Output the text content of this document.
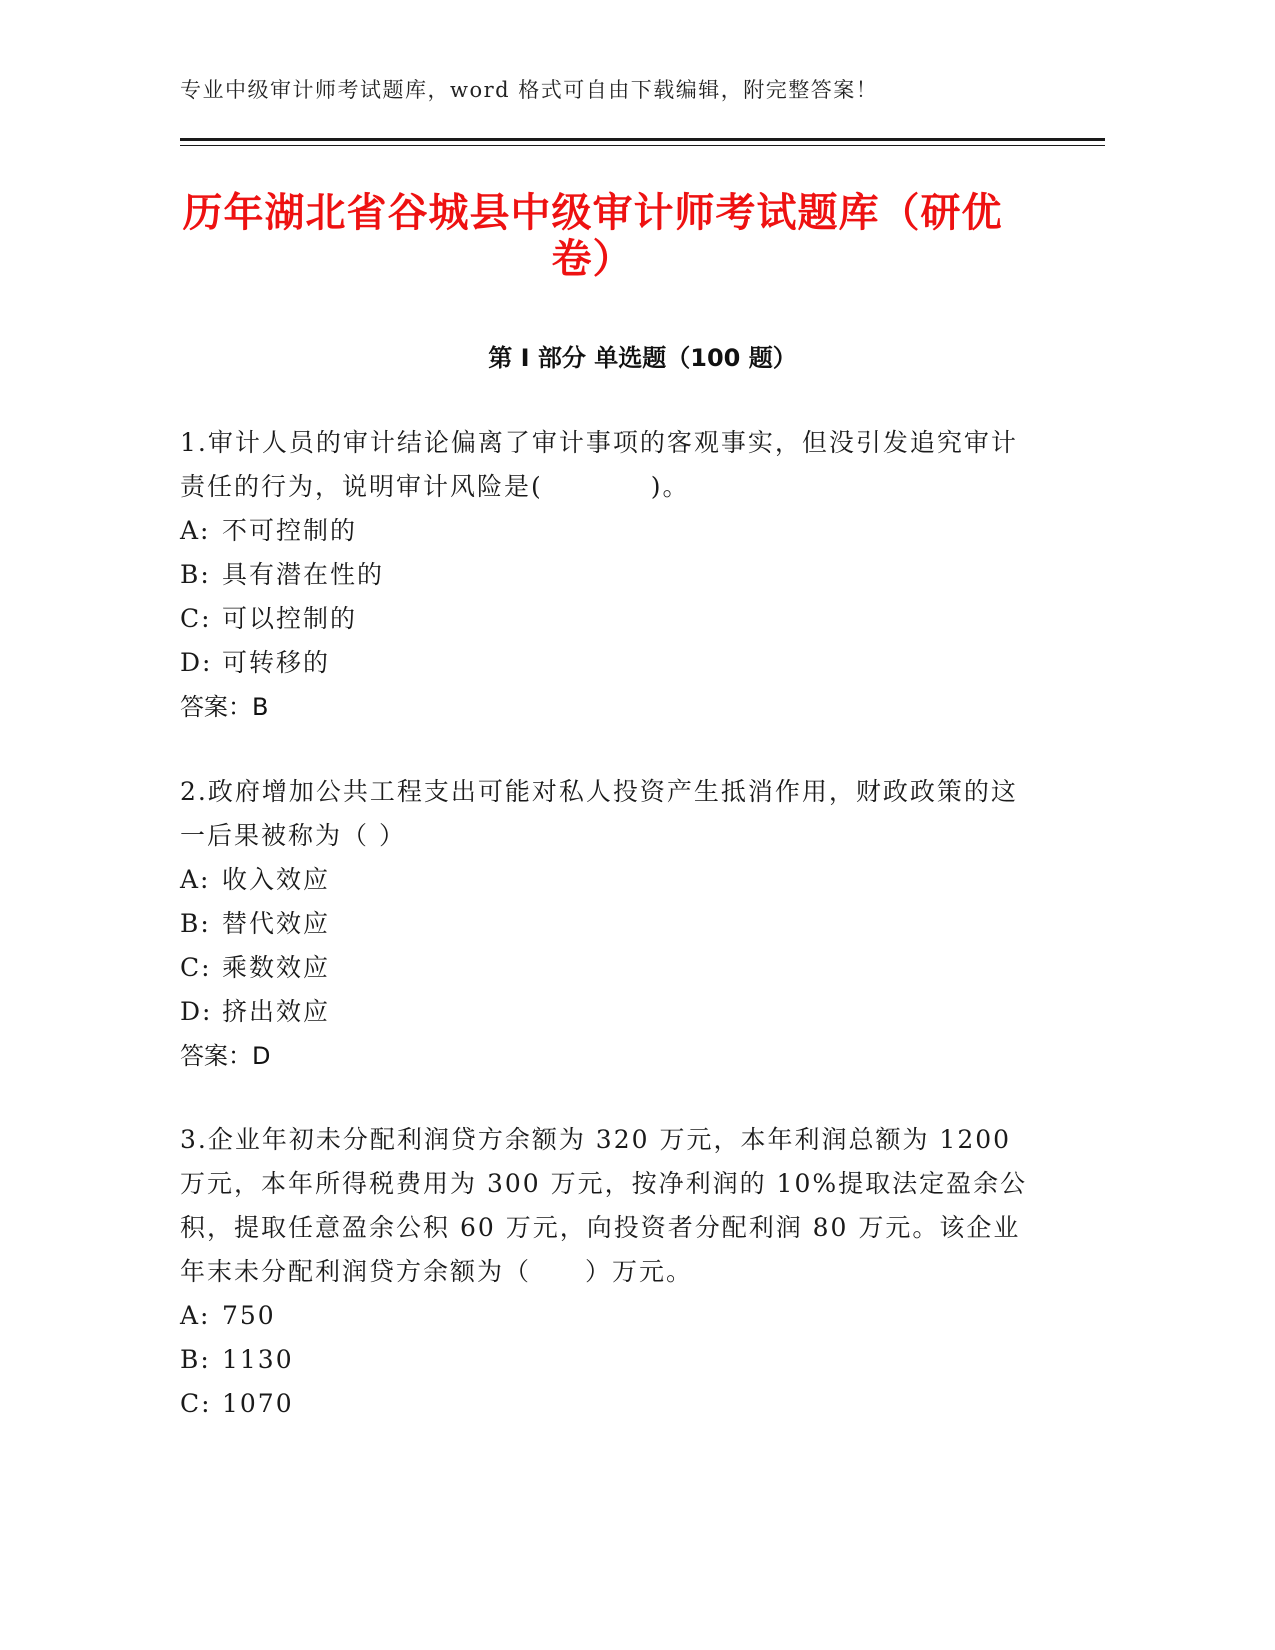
专业中级审计师考试题库，word 格式可自由下载编辑，附完整答案！
历年湖北省谷城县中级审计师考试题库（研优卷）
第 I 部分 单选题（100 题）

1.审计人员的审计结论偏离了审计事项的客观事实，但没引发追究审计责任的行为，说明审计风险是(　　　　)。

A: 不可控制的

B: 具有潜在性的

C: 可以控制的

D: 可转移的

答案：B

2.政府增加公共工程支出可能对私人投资产生抵消作用，财政政策的这一后果被称为（ ）

A: 收入效应

B: 替代效应

C: 乘数效应

D: 挤出效应

答案：D

3.企业年初未分配利润贷方余额为 320 万元，本年利润总额为 1200 万元，本年所得税费用为 300 万元，按净利润的 10%提取法定盈余公积，提取任意盈余公积 60 万元，向投资者分配利润 80 万元。该企业年末未分配利润贷方余额为（　　）万元。

A: 750

B: 1130

C: 1070
